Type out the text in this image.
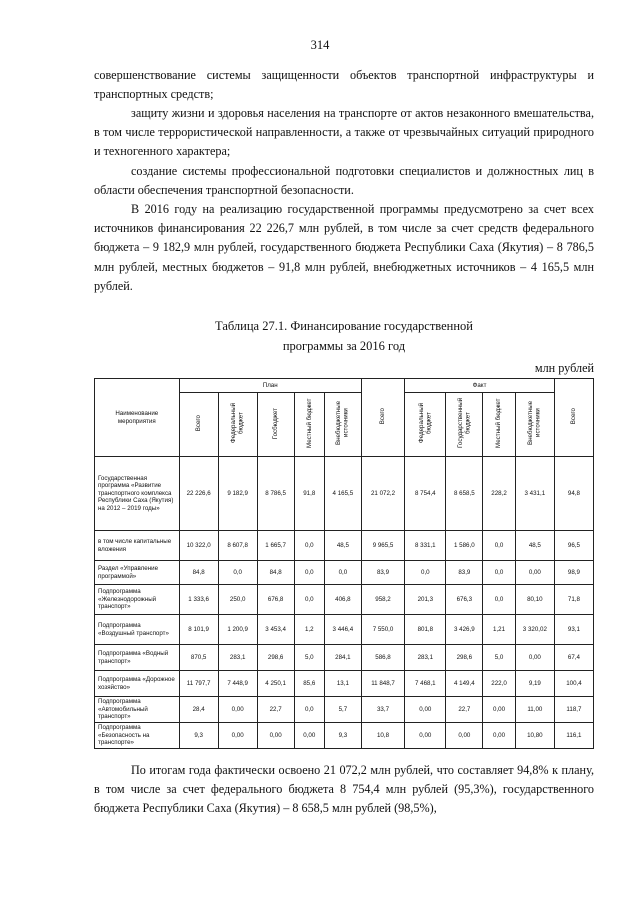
314

совершенствование системы защищенности объектов транспортной инфраструктуры и транспортных средств;

защиту жизни и здоровья населения на транспорте от актов незаконного вмешательства, в том числе террористической направленности, а также от чрезвычайных ситуаций природного и техногенного характера;

создание системы профессиональной подготовки специалистов и должностных лиц в области обеспечения транспортной безопасности.

В 2016 году на реализацию государственной программы предусмотрено за счет всех источников финансирования 22 226,7 млн рублей, в том числе за счет средств федерального бюджета – 9 182,9 млн рублей, государственного бюджета Республики Саха (Якутия) – 8 786,5 млн рублей, местных бюджетов – 91,8 млн рублей, внебюджетных источников – 4 165,5 млн рублей.

Таблица 27.1. Финансирование государственной
программы за 2016 год

млн рублей
Наименование мероприятия	План					Всего	Факт				Всего
	Всего	Федеральный бюджет	Госбюджет	Местный бюджет	Внебюджетные источники		Федеральный бюджет	Государственный бюджет	Местный бюджет	Внебюджетные источники	
Государственная программа «Развитие транспортного комплекса Республики Саха (Якутия) на 2012 – 2019 годы»	22 226,6	9 182,9	8 786,5	91,8	4 165,5	21 072,2	8 754,4	8 658,5	228,2	3 431,1	94,8
в том числе капитальные вложения	10 322,0	8 607,8	1 665,7	0,0	48,5	9 965,5	8 331,1	1 586,0	0,0	48,5	96,5
Раздел «Управление программой»	84,8	0,0	84,8	0,0	0,0	83,9	0,0	83,9	0,0	0,00	98,9
Подпрограмма «Железнодорожный транспорт»	1 333,6	250,0	676,8	0,0	406,8	958,2	201,3	676,3	0,0	80,10	71,8
Подпрограмма «Воздушный транспорт»	8 101,9	1 200,9	3 453,4	1,2	3 446,4	7 550,0	801,8	3 426,9	1,21	3 320,02	93,1
Подпрограмма «Водный транспорт»	870,5	283,1	298,6	5,0	284,1	586,8	283,1	298,6	5,0	0,00	67,4
Подпрограмма «Дорожное хозяйство»	11 797,7	7 448,9	4 250,1	85,6	13,1	11 848,7	7 468,1	4 149,4	222,0	9,19	100,4
Подпрограмма «Автомобильный транспорт»	28,4	0,00	22,7	0,0	5,7	33,7	0,00	22,7	0,00	11,00	118,7
Подпрограмма «Безопасность на транспорте»	9,3	0,00	0,00	0,00	9,3	10,8	0,00	0,00	0,00	10,80	116,1

По итогам года фактически освоено 21 072,2 млн рублей, что составляет 94,8% к плану, в том числе за счет федерального бюджета 8 754,4 млн рублей (95,3%), государственного бюджета Республики Саха (Якутия) – 8 658,5 млн рублей (98,5%),
